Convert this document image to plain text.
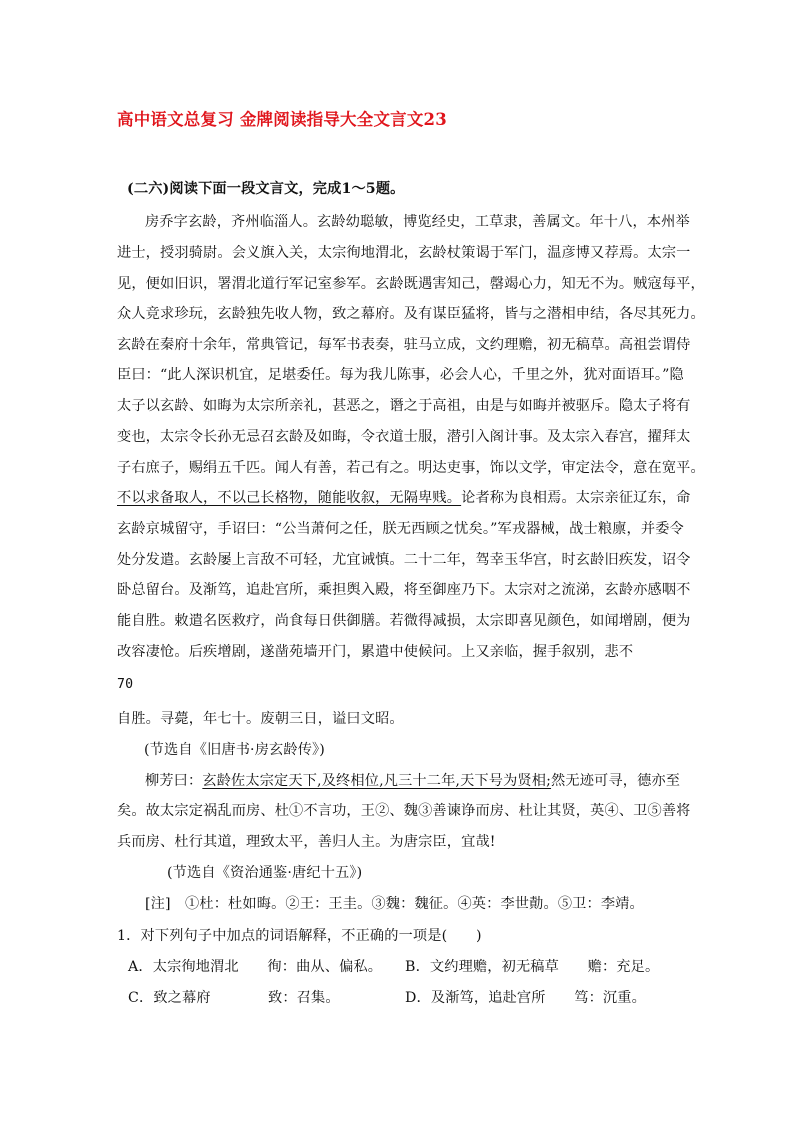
高中语文总复习 金牌阅读指导大全文言文23
(二六)阅读下面一段文言文，完成1～5题。
房乔字玄龄，齐州临淄人。玄龄幼聪敏，博览经史，工草隶，善属文。年十八，本州举
进士，授羽骑尉。会义旗入关，太宗徇地渭北，玄龄杖策谒于军门，温彦博又荐焉。太宗一
见，便如旧识，署渭北道行军记室参军。玄龄既遇害知己，罄竭心力，知无不为。贼寇每平，
众人竞求珍玩，玄龄独先收人物，致之幕府。及有谋臣猛将，皆与之潜相申结，各尽其死力。
玄龄在秦府十余年，常典管记，每军书表奏，驻马立成，文约理赡，初无稿草。高祖尝谓侍
臣曰：“此人深识机宜，足堪委任。每为我儿陈事，必会人心，千里之外，犹对面语耳。”隐
太子以玄龄、如晦为太宗所亲礼，甚恶之，谮之于高祖，由是与如晦并被驱斥。隐太子将有
变也，太宗令长孙无忌召玄龄及如晦，令衣道士服，潜引入阁计事。及太宗入春宫，擢拜太
子右庶子，赐绢五千匹。闻人有善，若己有之。明达吏事，饰以文学，审定法令，意在宽平。
不以求备取人，不以己长格物，随能收叙，无隔卑贱。论者称为良相焉。太宗亲征辽东，命
玄龄京城留守，手诏曰：“公当萧何之任，朕无西顾之忧矣。”军戎器械，战士粮廪，并委令
处分发遣。玄龄屡上言敌不可轻，尤宜诫慎。二十二年，驾幸玉华宫，时玄龄旧疾发，诏令
卧总留台。及渐笃，追赴宫所，乘担舆入殿，将至御座乃下。太宗对之流涕，玄龄亦感咽不
能自胜。敕遣名医救疗，尚食每日供御膳。若微得减损，太宗即喜见颜色，如闻增剧，便为
改容凄怆。后疾增剧，遂凿苑墙开门，累遣中使候问。上又亲临，握手叙别，悲不
70
自胜。寻薨，年七十。废朝三日，谥曰文昭。
(节选自《旧唐书·房玄龄传》)
柳芳曰：玄龄佐太宗定天下,及终相位,凡三十二年,天下号为贤相;然无迹可寻，德亦至
矣。故太宗定祸乱而房、杜①不言功，王②、魏③善谏诤而房、杜让其贤，英④、卫⑤善将
兵而房、杜行其道，理致太平，善归人主。为唐宗臣，宜哉!
(节选自《资治通鉴·唐纪十五》)
[注]　①杜：杜如晦。②王：王圭。③魏：魏征。④英：李世勣。⑤卫：李靖。
1．对下列句子中加点的词语解释，不正确的一项是(　　)
A．太宗徇地渭北　　徇：曲从、偏私。 B．文约理赡，初无稿草　　赡：充足。
C．致之幕府　　　　致：召集。	D．及渐笃，追赴宫所　　笃：沉重。
